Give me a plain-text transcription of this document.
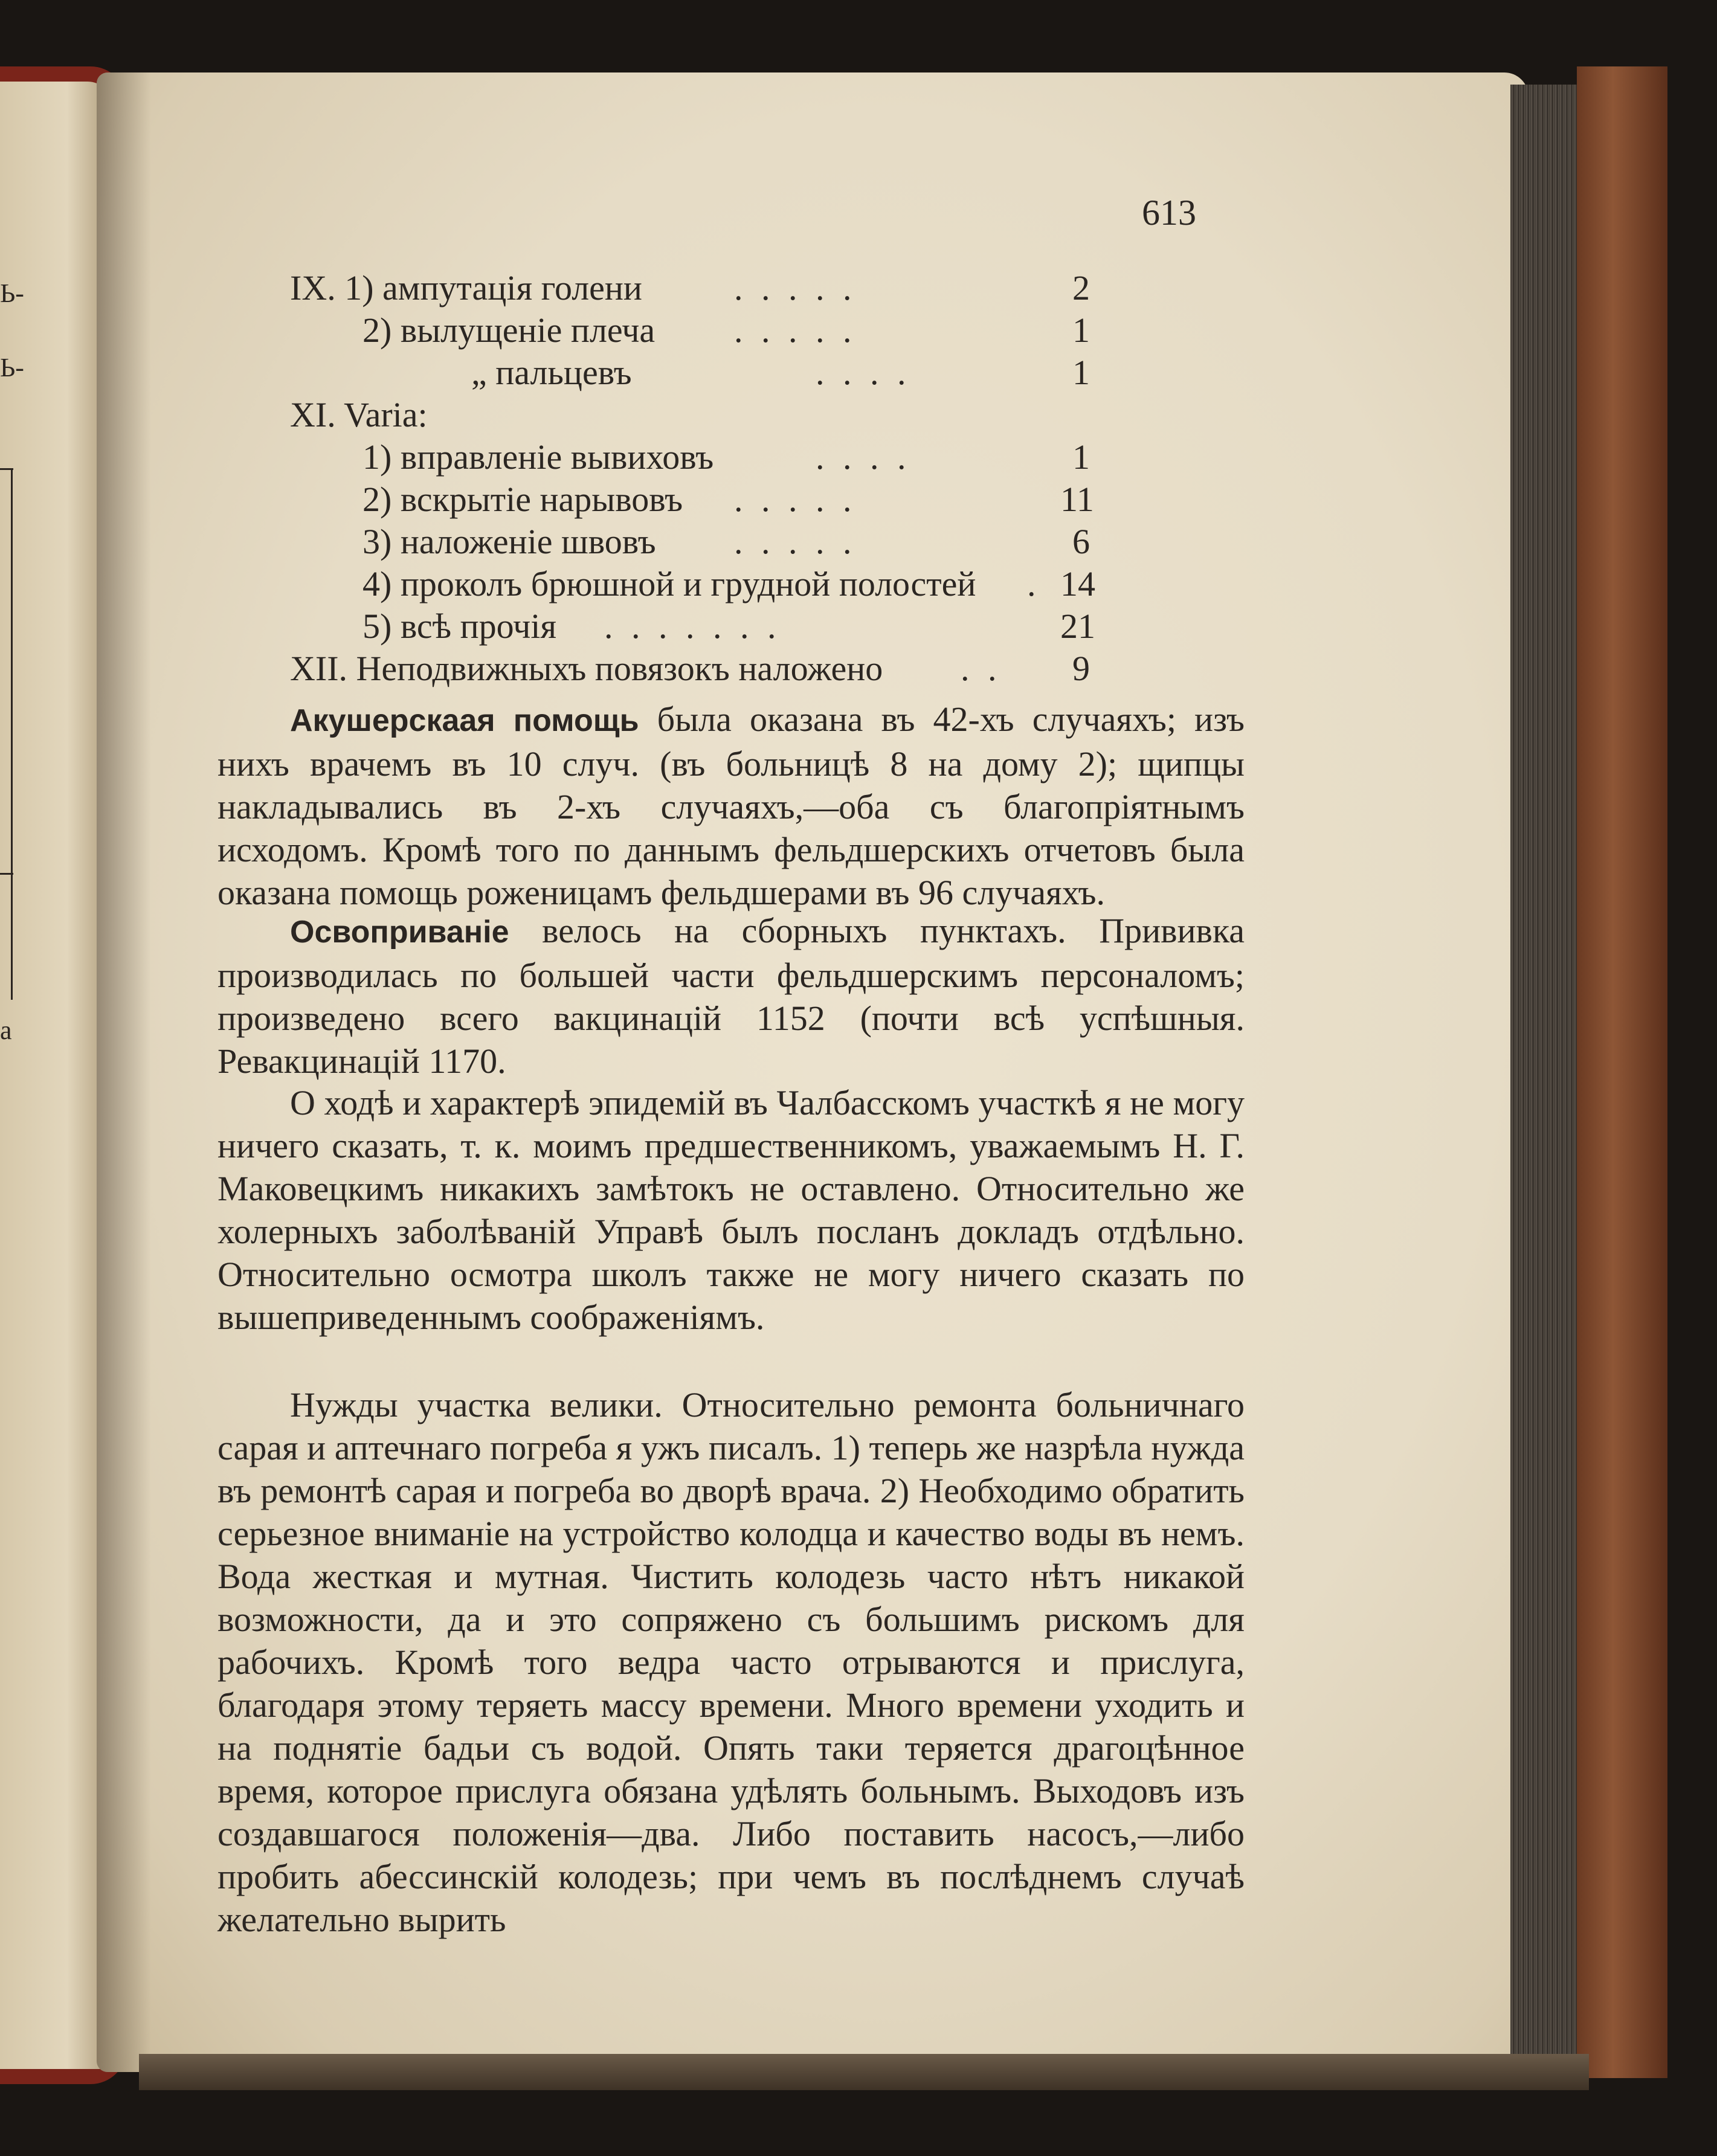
Ь-
Ь-
а
613
IX. 1) ампутація голени	. . . . .	2
2) вылущеніе плеча . . . . .	1
„ пальцевъ	. . . .	1
XI. Varia:
1) вправленіе вывиховъ	. . . .	1
2) вскрытіе нарывовъ . . . . .	11
3) наложеніе швовъ . . . . .	6
4) проколъ брюшной и грудной полостей . 14
5) всѣ прочія . . . . . . .	21
XII. Неподвижныхъ повязокъ наложено . . 9

Акушерскаая помощь была оказана въ 42-хъ случаяхъ; изъ нихъ врачемъ въ 10 случ. (въ больницѣ 8 на дому 2); щипцы накладывались въ 2-хъ случаяхъ,—оба съ благопріятнымъ исходомъ. Кромѣ того по даннымъ фельдшерскихъ отчетовъ была оказана помощь роженицамъ фельдшерами въ 96 случаяхъ.

Освоприваніе велось на сборныхъ пунктахъ. Прививка производилась по большей части фельдшерскимъ персоналомъ; произведено всего вакцинацій 1152 (почти всѣ успѣшныя. Ревакцинацій 1170.

О ходѣ и характерѣ эпидемій въ Чалбасскомъ участкѣ я не могу ничего сказать, т. к. моимъ предшественникомъ, уважаемымъ Н. Г. Маковецкимъ никакихъ замѣтокъ не оставлено. Относительно же холерныхъ заболѣваній Управѣ былъ посланъ докладъ отдѣльно. Относительно осмотра школъ также не могу ничего сказать по вышеприведеннымъ соображеніямъ.

Нужды участка велики. Относительно ремонта больничнаго сарая и аптечнаго погреба я ужъ писалъ. 1) теперь же назрѣла нужда въ ремонтѣ сарая и погреба во дворѣ врача. 2) Необходимо обратить серьезное вниманіе на устройство колодца и качество воды въ немъ. Вода жесткая и мутная. Чистить колодезь часто нѣтъ никакой возможности, да и это сопряжено съ большимъ рискомъ для рабочихъ. Кромѣ того ведра часто отрываются и прислуга, благодаря этому теряеть массу времени. Много времени уходить и на поднятіе бадьи съ водой. Опять таки теряется драгоцѣнное время, которое прислуга обязана удѣлять больнымъ. Выходовъ изъ создавшагося положенія—два. Либо поставить насосъ,—либо пробить абессинскій колодезь; при чемъ въ послѣднемъ случаѣ желательно вырить
